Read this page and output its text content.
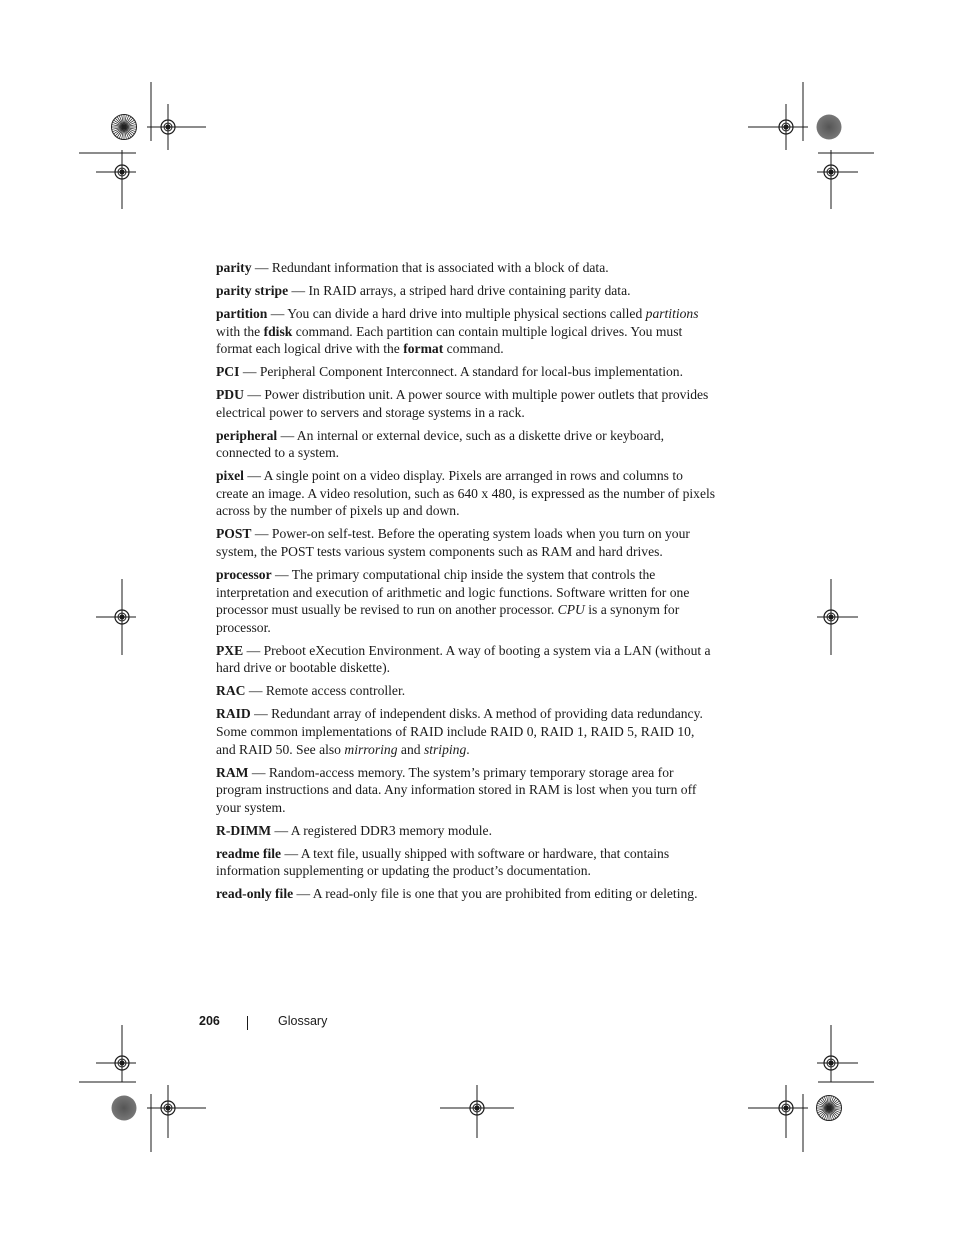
parity — Redundant information that is associated with a block of data.

parity stripe — In RAID arrays, a striped hard drive containing parity data.

partition — You can divide a hard drive into multiple physical sections called partitions with the fdisk command. Each partition can contain multiple logical drives. You must format each logical drive with the format command.

PCI — Peripheral Component Interconnect. A standard for local-bus implementation.

PDU — Power distribution unit. A power source with multiple power outlets that provides electrical power to servers and storage systems in a rack.

peripheral — An internal or external device, such as a diskette drive or keyboard, connected to a system.

pixel — A single point on a video display. Pixels are arranged in rows and columns to create an image. A video resolution, such as 640 x 480, is expressed as the number of pixels across by the number of pixels up and down.

POST — Power-on self-test. Before the operating system loads when you turn on your system, the POST tests various system components such as RAM and hard drives.

processor — The primary computational chip inside the system that controls the interpretation and execution of arithmetic and logic functions. Software written for one processor must usually be revised to run on another processor. CPU is a synonym for processor.

PXE — Preboot eXecution Environment. A way of booting a system via a LAN (without a hard drive or bootable diskette).

RAC — Remote access controller.

RAID — Redundant array of independent disks. A method of providing data redundancy. Some common implementations of RAID include RAID 0, RAID 1, RAID 5, RAID 10, and RAID 50. See also mirroring and striping.

RAM — Random-access memory. The system’s primary temporary storage area for program instructions and data. Any information stored in RAM is lost when you turn off your system.

R-DIMM — A registered DDR3 memory module.

readme file — A text file, usually shipped with software or hardware, that contains information supplementing or updating the product’s documentation.

read-only file — A read-only file is one that you are prohibited from editing or deleting.

206	Glossary
